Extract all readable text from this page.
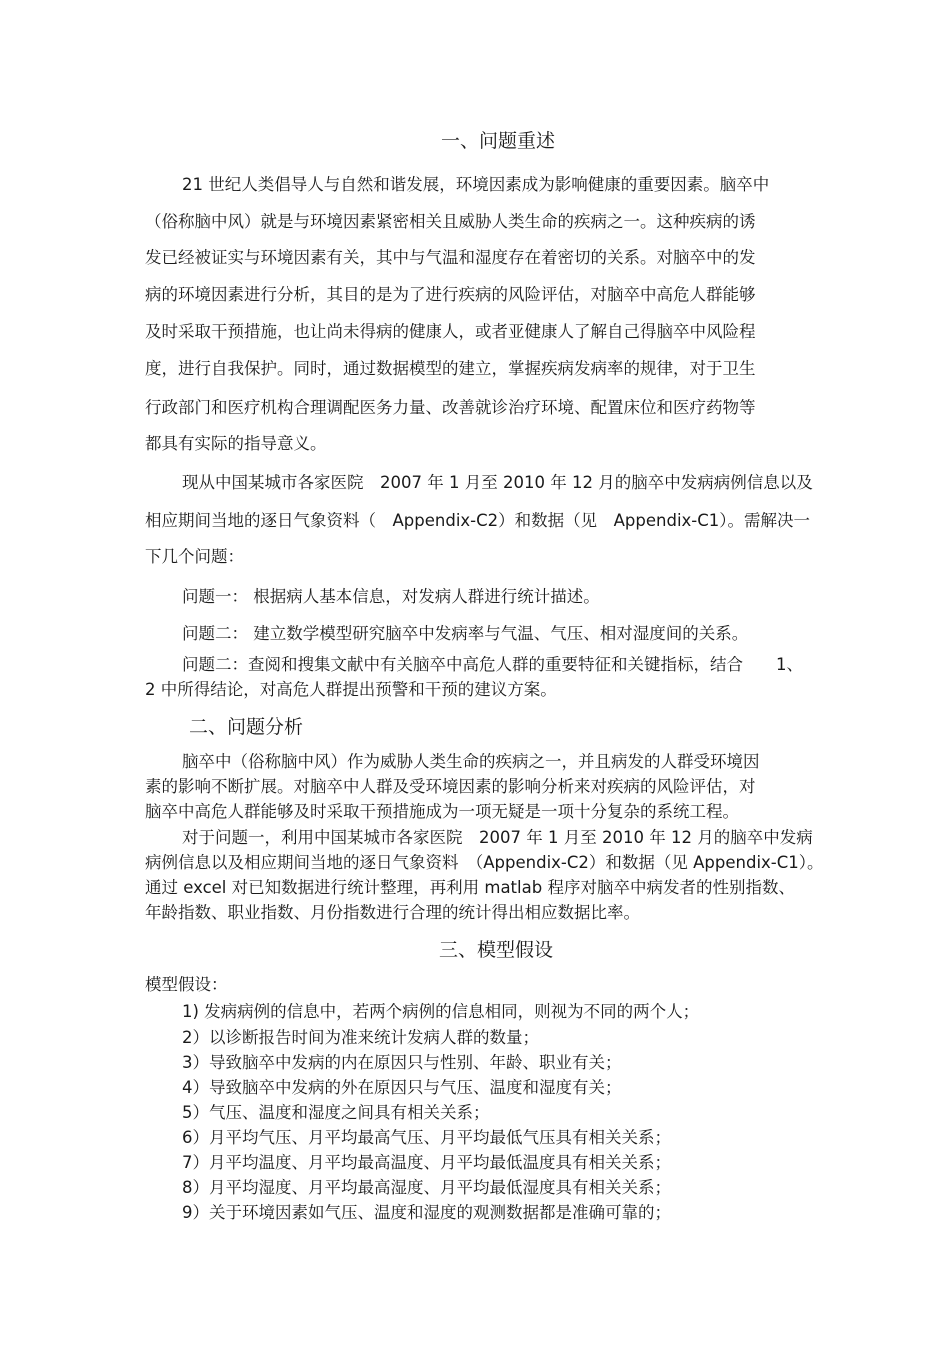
一、问题重述
21 世纪人类倡导人与自然和谐发展，环境因素成为影响健康的重要因素。脑卒中
（俗称脑中风）就是与环境因素紧密相关且威胁人类生命的疾病之一。这种疾病的诱
发已经被证实与环境因素有关，其中与气温和湿度存在着密切的关系。对脑卒中的发
病的环境因素进行分析，其目的是为了进行疾病的风险评估，对脑卒中高危人群能够
及时采取干预措施，也让尚未得病的健康人，或者亚健康人了解自己得脑卒中风险程
度，进行自我保护。同时，通过数据模型的建立，掌握疾病发病率的规律，对于卫生
行政部门和医疗机构合理调配医务力量、改善就诊治疗环境、配置床位和医疗药物等
都具有实际的指导意义。
现从中国某城市各家医院　2007 年 1 月至 2010 年 12 月的脑卒中发病病例信息以及
相应期间当地的逐日气象资料（　Appendix-C2）和数据（见　Appendix-C1）。需解决一
下几个问题：
问题一： 根据病人基本信息，对发病人群进行统计描述。
问题二： 建立数学模型研究脑卒中发病率与气温、气压、相对湿度间的关系。
问题二：查阅和搜集文献中有关脑卒中高危人群的重要特征和关键指标，结合　　1、
2 中所得结论，对高危人群提出预警和干预的建议方案。
二、问题分析
脑卒中（俗称脑中风）作为威胁人类生命的疾病之一，并且病发的人群受环境因
素的影响不断扩展。对脑卒中人群及受环境因素的影响分析来对疾病的风险评估，对
脑卒中高危人群能够及时采取干预措施成为一项无疑是一项十分复杂的系统工程。
对于问题一，利用中国某城市各家医院　2007 年 1 月至 2010 年 12 月的脑卒中发病
病例信息以及相应期间当地的逐日气象资料　（Appendix-C2）和数据（见 Appendix-C1）。
通过 excel 对已知数据进行统计整理，再利用 matlab 程序对脑卒中病发者的性别指数、
年龄指数、职业指数、月份指数进行合理的统计得出相应数据比率。
三、模型假设
模型假设：
1) 发病病例的信息中，若两个病例的信息相同，则视为不同的两个人；
2）以诊断报告时间为准来统计发病人群的数量；
3）导致脑卒中发病的内在原因只与性别、年龄、职业有关；
4）导致脑卒中发病的外在原因只与气压、温度和湿度有关；
5）气压、温度和湿度之间具有相关关系；
6）月平均气压、月平均最高气压、月平均最低气压具有相关关系；
7）月平均温度、月平均最高温度、月平均最低温度具有相关关系；
8）月平均湿度、月平均最高湿度、月平均最低湿度具有相关关系；
9）关于环境因素如气压、温度和湿度的观测数据都是准确可靠的；
